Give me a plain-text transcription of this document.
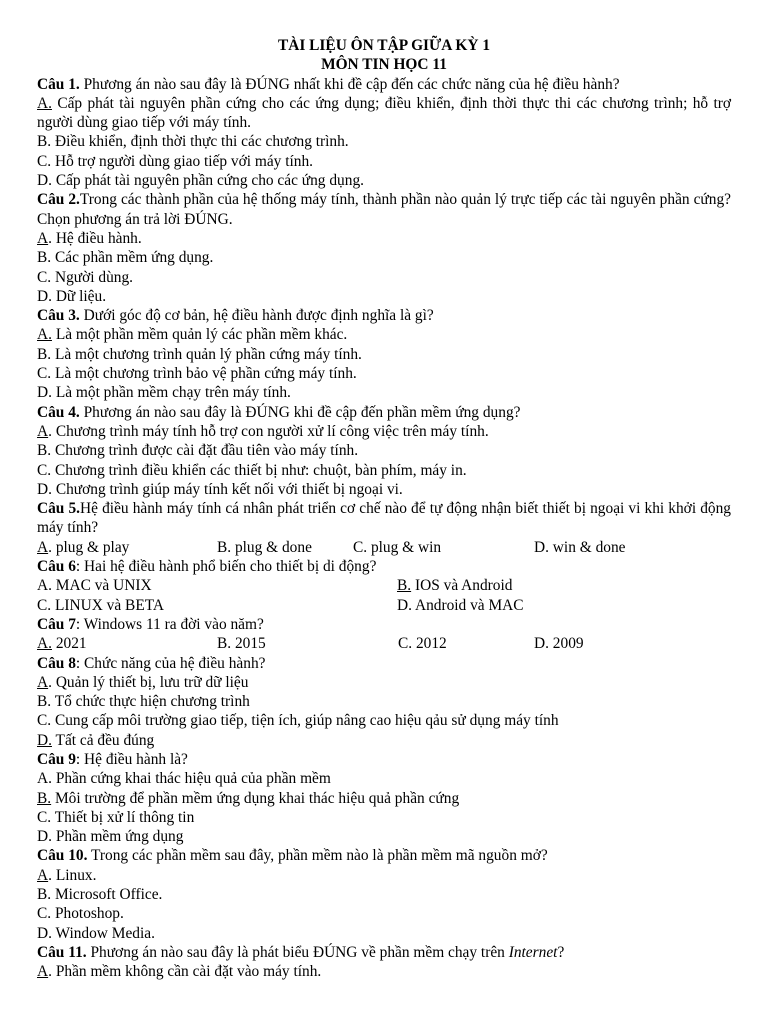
TÀI LIỆU ÔN TẬP GIỮA KỲ 1

MÔN TIN HỌC 11

Câu 1. Phương án nào sau đây là ĐÚNG nhất khi đề cập đến các chức năng của hệ điều hành?

A. Cấp phát tài nguyên phần cứng cho các ứng dụng; điều khiển, định thời thực thi các chương trình; hỗ trợ người dùng giao tiếp với máy tính.

B. Điều khiển, định thời thực thi các chương trình.

C. Hỗ trợ người dùng giao tiếp với máy tính.

D. Cấp phát tài nguyên phần cứng cho các ứng dụng.

Câu 2.Trong các thành phần của hệ thống máy tính, thành phần nào quản lý trực tiếp các tài nguyên phần cứng? Chọn phương án trả lời ĐÚNG.

A. Hệ điều hành.

B. Các phần mềm ứng dụng.

C. Người dùng.

D. Dữ liệu.

Câu 3. Dưới góc độ cơ bản, hệ điều hành được định nghĩa là gì?

A. Là một phần mềm quản lý các phần mềm khác.

B. Là một chương trình quản lý phần cứng máy tính.

C. Là một chương trình bảo vệ phần cứng máy tính.

D. Là một phần mềm chạy trên máy tính.

Câu 4. Phương án nào sau đây là ĐÚNG khi đề cập đến phần mềm ứng dụng?

A. Chương trình máy tính hỗ trợ con người xử lí công việc trên máy tính.

B. Chương trình được cài đặt đầu tiên vào máy tính.

C. Chương trình điều khiển các thiết bị như: chuột, bàn phím, máy in.

D. Chương trình giúp máy tính kết nối với thiết bị ngoại vi.

Câu 5.Hệ điều hành máy tính cá nhân phát triển cơ chế nào để tự động nhận biết thiết bị ngoại vi khi khởi động máy tính?

A. plug & play	B. plug & done	C. plug & win	D. win & done

Câu 6: Hai hệ điều hành phổ biến cho thiết bị di động?

A. MAC và UNIX	B. IOS và Android
C. LINUX và BETA	D. Android và MAC

Câu 7: Windows 11 ra đời vào năm?

A. 2021	B. 2015	C. 2012	D. 2009

Câu 8: Chức năng của hệ điều hành?

A. Quản lý thiết bị, lưu trữ dữ liệu

B. Tổ chức thực hiện chương trình

C. Cung cấp môi trường giao tiếp, tiện ích, giúp nâng cao hiệu qảu sử dụng máy tính

D. Tất cả đều đúng

Câu 9: Hệ điều hành là?

A. Phần cứng khai thác hiệu quả của phần mềm

B. Môi trường để phần mềm ứng dụng khai thác hiệu quả phần cứng

C. Thiết bị xử lí thông tin

D. Phần mềm ứng dụng

Câu 10. Trong các phần mềm sau đây, phần mềm nào là phần mềm mã nguồn mở?

A. Linux.

B. Microsoft Office.

C. Photoshop.

D. Window Media.

Câu 11. Phương án nào sau đây là phát biểu ĐÚNG về phần mềm chạy trên Internet?

A. Phần mềm không cần cài đặt vào máy tính.
